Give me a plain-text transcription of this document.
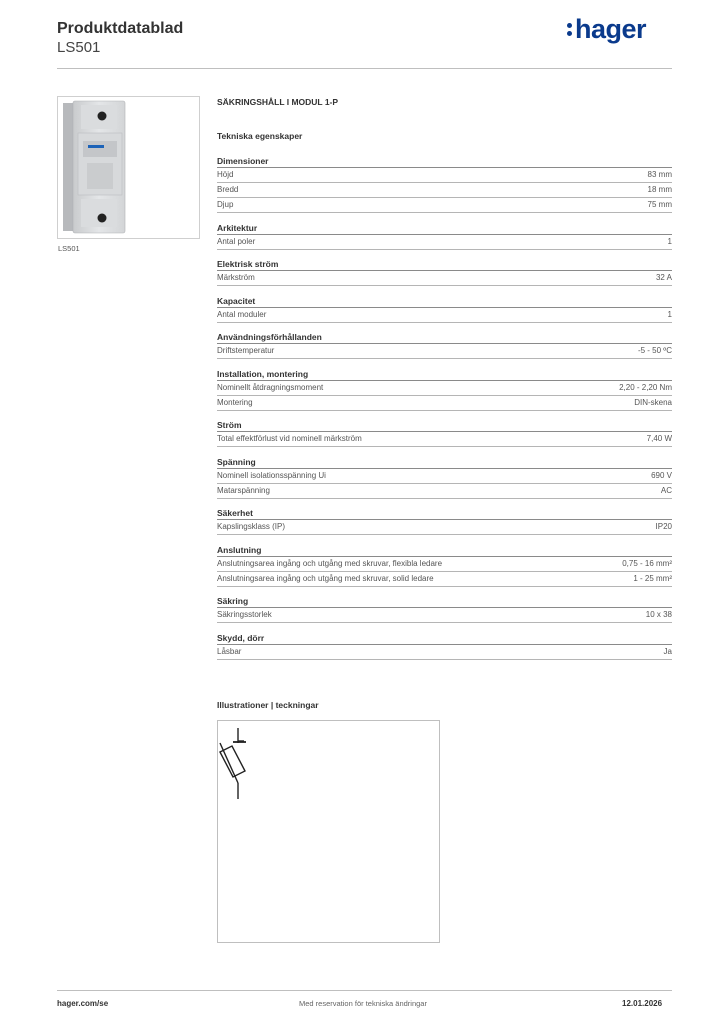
Produktdatablad
LS501
hager
LS501
SÄKRINGSHÅLL I MODUL 1-P
Tekniska egenskaper
Dimensioner
Höjd	83 mm
Bredd	18 mm
Djup	75 mm
Arkitektur
Antal poler	1
Elektrisk ström
Märkström	32 A
Kapacitet
Antal moduler	1
Användningsförhållanden
Driftstemperatur	-5 - 50 ºC
Installation, montering
Nominellt åtdragningsmoment	2,20 - 2,20 Nm
Montering	DIN-skena
Ström
Total effektförlust vid nominell märkström	7,40 W
Spänning
Nominell isolationsspänning Ui	690 V
Matarspänning	AC
Säkerhet
Kapslingsklass (IP)	IP20
Anslutning
Anslutningsarea ingång och utgång med skruvar, flexibla ledare	0,75 - 16 mm²
Anslutningsarea ingång och utgång med skruvar, solid ledare	1 - 25 mm²
Säkring
Säkringsstorlek	10 x 38
Skydd, dörr
Låsbar	Ja
Illustrationer | teckningar
hager.com/se	Med reservation för tekniska ändringar	12.01.2026
